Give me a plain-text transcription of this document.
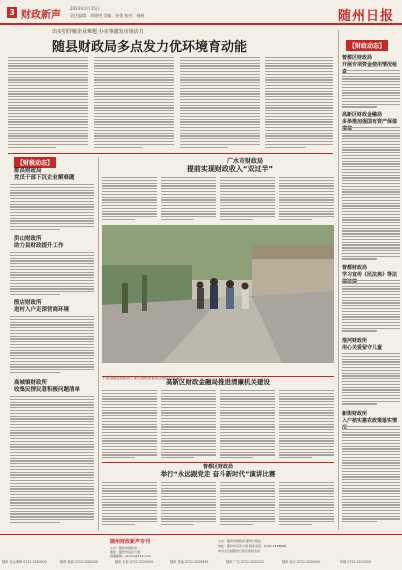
3 财政新声
2023年2月15日
责任编辑：胡晓明 美编：孙强 校对：杨帆	随州日报
出实招纾解企业难题 办实事激发市场活力
随县财政局多点发力优环境育动能
【财税动态】
都昌财政局
党员干部下沉企业解难题
洪山财政所
助力县财政提升工作
殷店财政所
进村入户走深营商环境
高城镇财政所
收集民情民意积极问题清单
广水市财政局
提前实现财政收入“双过半”
下图为随县财政局干部在现场查看项目建设进展情况。
高新区财政金融局推进清廉机关建设
曾都区财政局
举行“永远跟党走 奋斗新时代”演讲比赛
【财政动态】
曾都区财政局
开展专项资金使用情况检
高新区财政金融局
多举措加强国有资产保值
曾都财政局
学习宣传《民法典》等法
淮河财政所
用心关爱留守儿童
新街财政所
入户核实惠农政策落实情
随州财政新声专刊
主办：随州市财政局
地址：随州市沿河大道
投稿邮箱：szczxs@163.com
主办：随州市财政局 随州日报社
地址：随州市沿河大道 联系电话：0722-3228888
本刊文章经随州日报社授权发布
随州 社会保障 0722-3280000	随州 财政 0722-3282000	随州 日报 0722-3229000	随州 采编 0722-3229999	随州 广告 0722-3222222	随州 发行 0722-3220000	印刷 0722-3223300
